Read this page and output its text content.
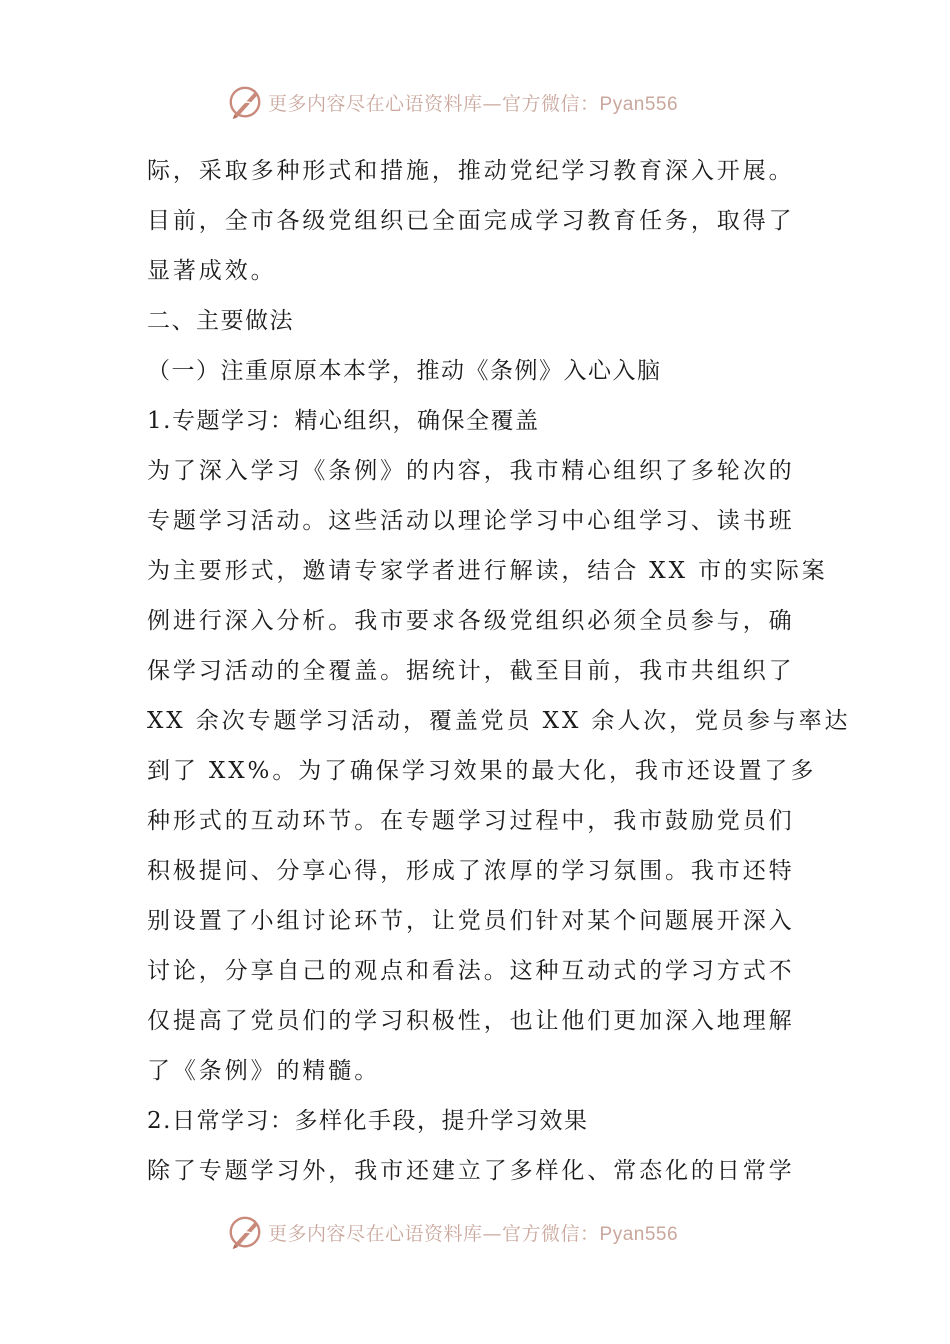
更多内容尽在心语资料库—官方微信：Pyan556
际，采取多种形式和措施，推动党纪学习教育深入开展。
目前，全市各级党组织已全面完成学习教育任务，取得了
显著成效。
二、主要做法
（一）注重原原本本学，推动《条例》入心入脑
1.专题学习：精心组织，确保全覆盖
为了深入学习《条例》的内容，我市精心组织了多轮次的
专题学习活动。这些活动以理论学习中心组学习、读书班
为主要形式，邀请专家学者进行解读，结合 XX 市的实际案
例进行深入分析。我市要求各级党组织必须全员参与，确
保学习活动的全覆盖。据统计，截至目前，我市共组织了
XX 余次专题学习活动，覆盖党员 XX 余人次，党员参与率达
到了 XX%。为了确保学习效果的最大化，我市还设置了多
种形式的互动环节。在专题学习过程中，我市鼓励党员们
积极提问、分享心得，形成了浓厚的学习氛围。我市还特
别设置了小组讨论环节，让党员们针对某个问题展开深入
讨论，分享自己的观点和看法。这种互动式的学习方式不
仅提高了党员们的学习积极性，也让他们更加深入地理解
了《条例》的精髓。
2.日常学习：多样化手段，提升学习效果
除了专题学习外，我市还建立了多样化、常态化的日常学
更多内容尽在心语资料库—官方微信：Pyan556
